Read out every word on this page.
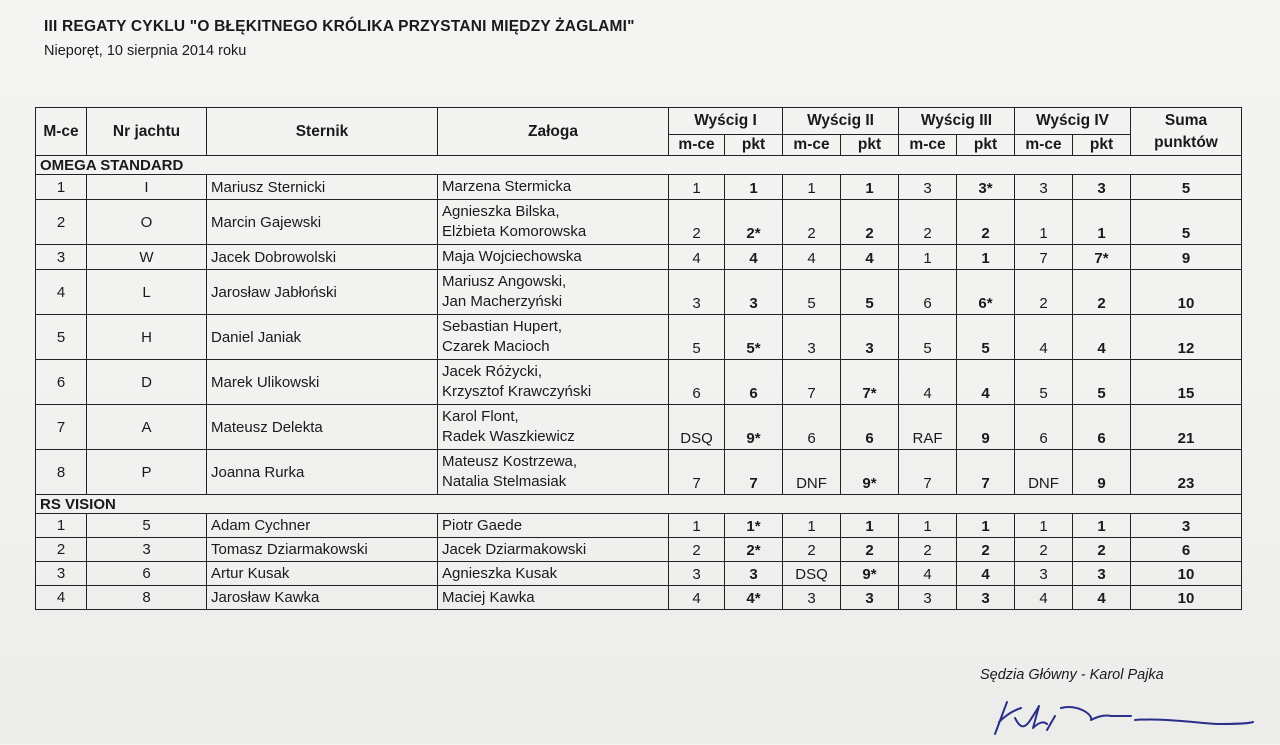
III REGATY CYKLU "O BŁĘKITNEGO KRÓLIKA PRZYSTANI MIĘDZY ŻAGLAMI"
Nieporęt, 10 sierpnia 2014 roku
M-ce	Nr jachtu	Sternik	Załoga	Wyścig I		Wyścig II		Wyścig III		Wyścig IV		Suma
punktów

				m-ce	pkt	m-ce	pkt	m-ce	pkt	m-ce	pkt	
OMEGA STANDARD												
1	I	Mariusz Sternicki	Marzena Stermicka	1	1	1	1	3	3*	3	3	5
2	O	Marcin Gajewski	Agnieszka Bilska,
Elżbieta Komorowska	2	2*	2	2	2	2	1	1	5
3	W	Jacek Dobrowolski	Maja Wojciechowska	4	4	4	4	1	1	7	7*	9
4	L	Jarosław Jabłoński	Mariusz Angowski,
Jan Macherzyński	3	3	5	5	6	6*	2	2	10
5	H	Daniel Janiak	Sebastian Hupert,
Czarek Macioch	5	5*	3	3	5	5	4	4	12
6	D	Marek Ulikowski	Jacek Różycki,
Krzysztof Krawczyński	6	6	7	7*	4	4	5	5	15
7	A	Mateusz Delekta	Karol Flont,
Radek Waszkiewicz	DSQ	9*	6	6	RAF	9	6	6	21
8	P	Joanna Rurka	Mateusz Kostrzewa,
Natalia Stelmasiak	7	7	DNF	9*	7	7	DNF	9	23
RS VISION												
1	5	Adam Cychner	Piotr Gaede	1	1*	1	1	1	1	1	1	3
2	3	Tomasz Dziarmakowski	Jacek Dziarmakowski	2	2*	2	2	2	2	2	2	6
3	6	Artur Kusak	Agnieszka Kusak	3	3	DSQ	9*	4	4	3	3	10
4	8	Jarosław Kawka	Maciej Kawka	4	4*	3	3	3	3	4	4	10
Sędzia Główny - Karol Pajka
